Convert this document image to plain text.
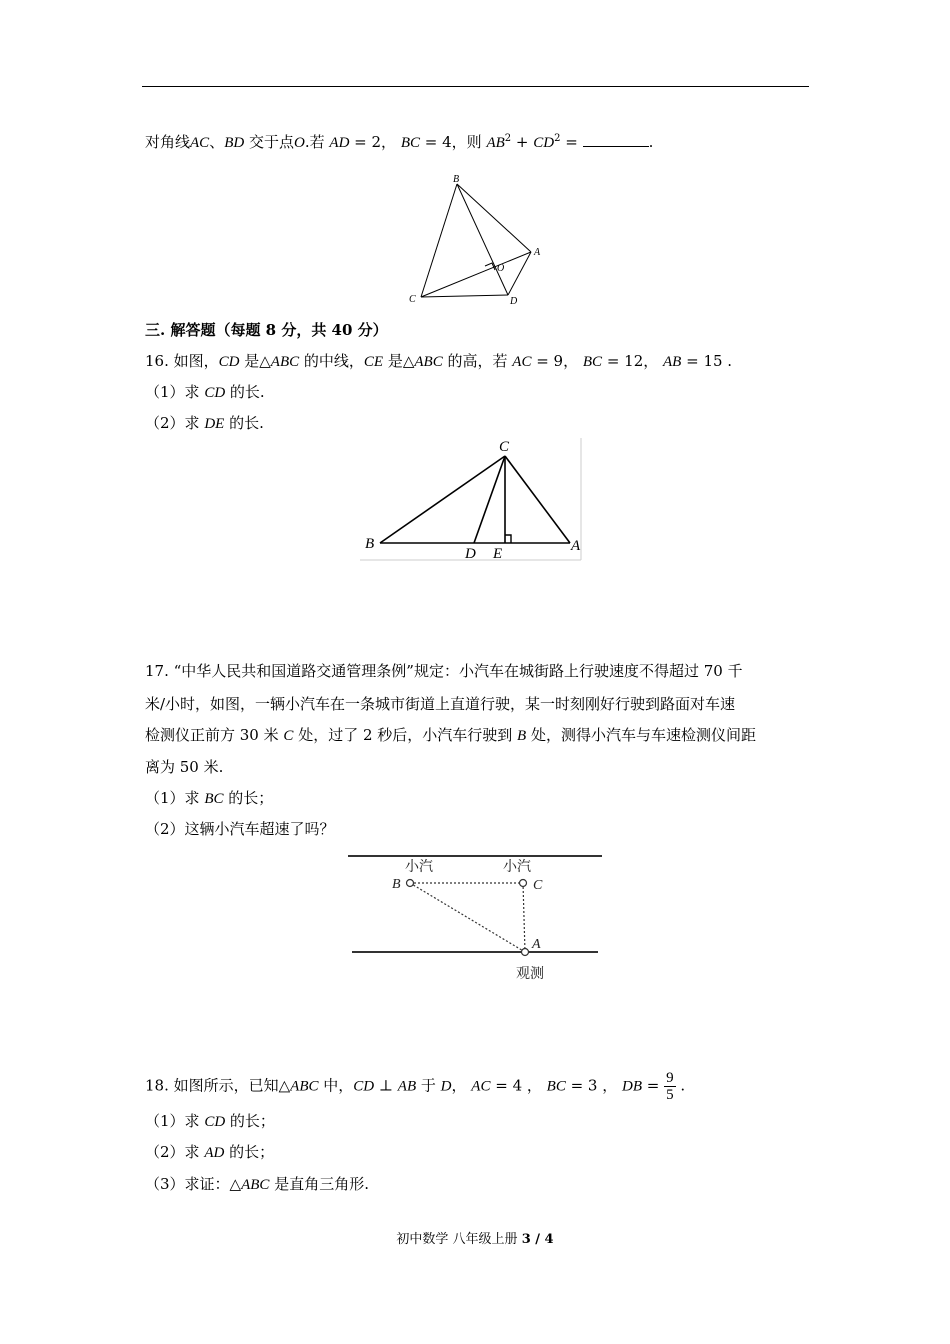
对角线AC、BD 交于点O.若 AD = 2， BC = 4，则 $AB^2 + CD^2$ =	.
B
A
O
C	D
三. 解答题（每题 8 分，共 40 分）
16. 如图，CD 是△ABC 的中线，CE 是△ABC 的高，若 AC = 9， BC = 12， AB = 15 .
（1）求 CD 的长.
（2）求 DE 的长.
C
B
D E	A
17. “中华人民共和国道路交通管理条例”规定：小汽车在城街路上行驶速度不得超过 70 千
米/小时，如图，一辆小汽车在一条城市街道上直道行驶，某一时刻刚好行驶到路面对车速
检测仪正前方 30 米 C 处，过了 2 秒后，小汽车行驶到 B 处，测得小汽车与车速检测仪间距
离为 50 米.
（1）求 BC 的长；
（2）这辆小汽车超速了吗？
小汽	小汽
B	C
A
观测
18. 如图所示，已知△ABC 中，CD ⊥ AB 于 D， AC = 4 ， BC = 3 ， DB = $\frac{9}{5}$ .
（1）求 CD 的长；
（2）求 AD 的长；
（3）求证：△ABC 是直角三角形.
初中数学 八年级上册 3 / 4
